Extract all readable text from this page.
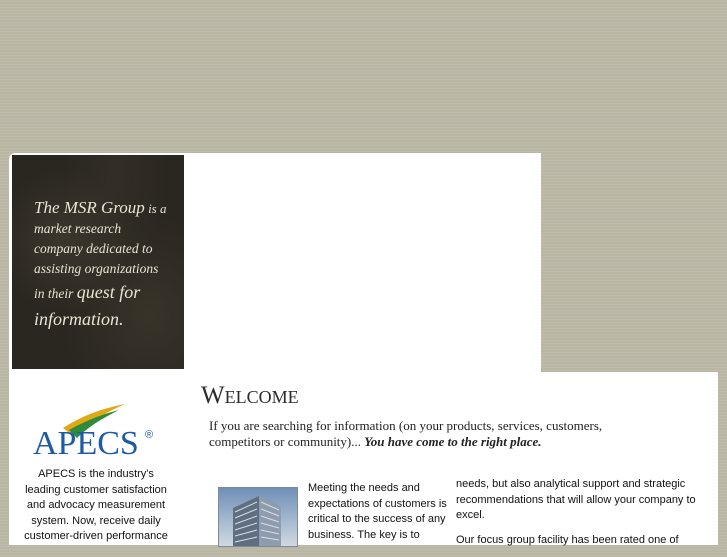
The MSR Group is a
market research
company dedicated to
assisting organizations
in their quest for
information.
APECS ®
APECS is the industry's leading customer satisfaction and advocacy measurement system. Now, receive daily customer-driven performance
Welcome
If you are searching for information (on your products, services, customers, competitors or community)... You have come to the right place.
Meeting the needs and expectations of customers is critical to the success of any business. The key is to

needs, but also analytical support and strategic recommendations that will allow your company to excel.

Our focus group facility has been rated one of
